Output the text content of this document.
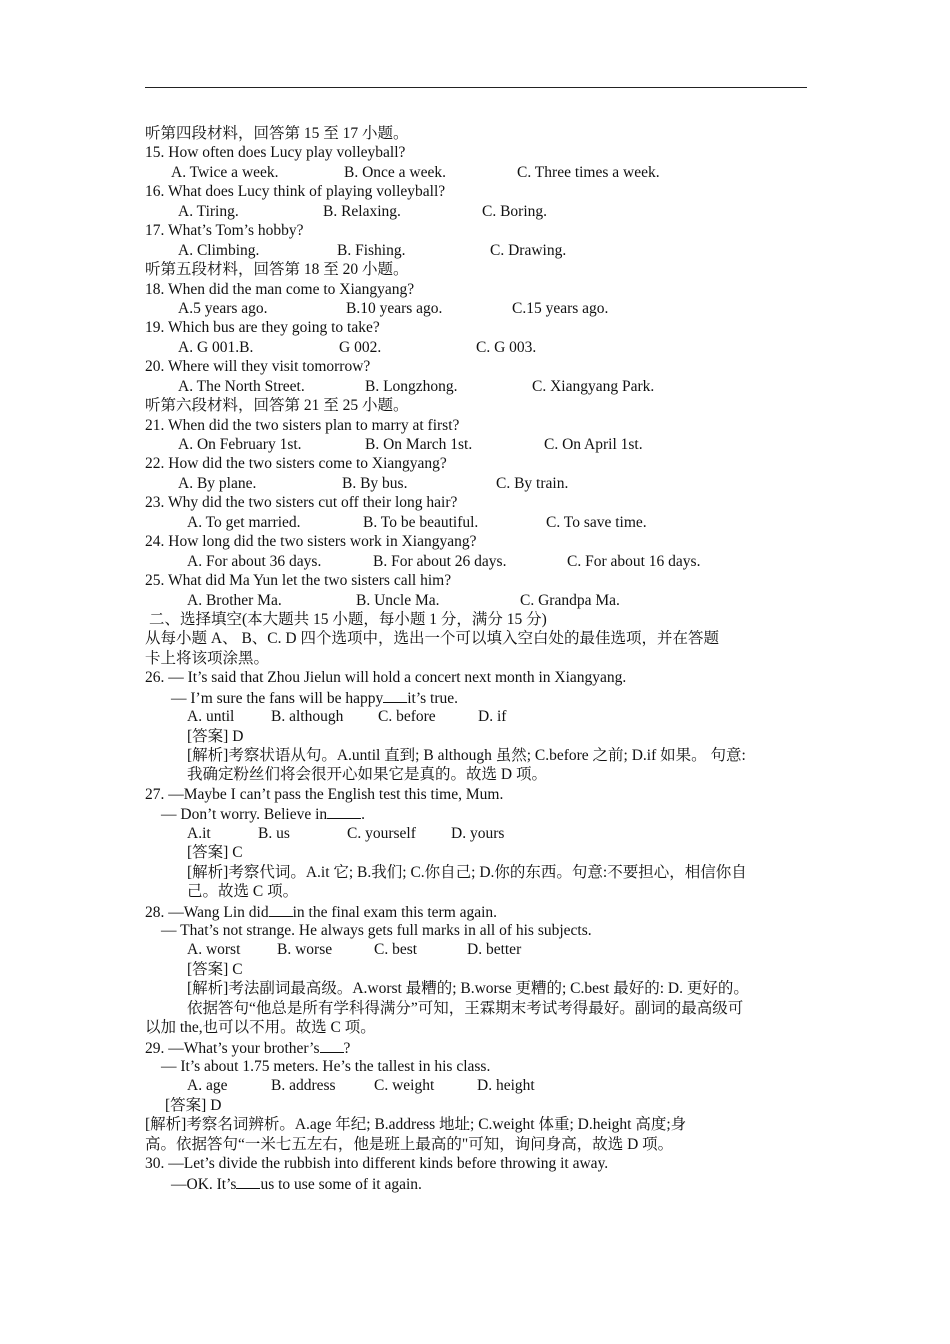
听第四段材料，回答第 15 至 17 小题。
15. How often does Lucy play volleyball?
A. Twice a week.	B. Once a week.	C. Three times a week.
16. What does Lucy think of playing volleyball?
A. Tiring.	B. Relaxing.	C. Boring.
17. What’s Tom’s hobby?
A. Climbing.	B. Fishing.	C. Drawing.
听第五段材料，回答第 18 至 20 小题。
18. When did the man come to Xiangyang?
A.5 years ago.	B.10 years ago.	C.15 years ago.
19. Which bus are they going to take?
A. G 001.B.	G 002.	C. G 003.
20. Where will they visit tomorrow?
A. The North Street.	B. Longzhong.	C. Xiangyang Park.
听第六段材料，回答第 21 至 25 小题。
21. When did the two sisters plan to marry at first?
A. On February 1st.	B. On March 1st.	C. On April 1st.
22. How did the two sisters come to Xiangyang?
A. By plane.	B. By bus.	C. By train.
23. Why did the two sisters cut off their long hair?
A. To get married.	B. To be beautiful.	C. To save time.
24. How long did the two sisters work in Xiangyang?
A. For about 36 days.	B. For about 26 days.	C. For about 16 days.
25. What did Ma Yun let the two sisters call him?
A. Brother Ma.	B. Uncle Ma.	C. Grandpa Ma.
二、选择填空(本大题共 15 小题，每小题 1 分，满分 15 分)
从每小题 A、 B、C. D 四个选项中，选出一个可以填入空白处的最佳选项，并在答题
卡上将该项涂黑。
26. — It’s said that Zhou Jielun will hold a concert next month in Xiangyang.
— I’m sure the fans will be happy it’s true.
A. until B. although C. before	D. if
[答案] D
[解析]考察状语从句。A.until 直到; B although 虽然; C.before 之前; D.if 如果。 句意:
我确定粉丝们将会很开心如果它是真的。故选 D 项。
27. —Maybe I can’t pass the English test this time, Mum.
— Don’t worry. Believe in .
A.it	B. us	C. yourself D. yours
[答案] C
[解析]考察代词。A.it 它; B.我们; C.你自己; D.你的东西。句意:不要担心，相信你自
己。故选 C 项。
28. —Wang Lin did in the final exam this term again.
— That’s not strange. He always gets full marks in all of his subjects.
A. worst B. worse	C. best	D. better
[答案] C
[解析]考法副词最高级。A.worst 最糟的; B.worse 更糟的; C.best 最好的: D. 更好的。
依据答句“他总是所有学科得满分”可知，王霖期末考试考得最好。副词的最高级可
以加 the,也可以不用。故选 C 项。
29. —What’s your brother’s ?
— It’s about 1.75 meters. He’s the tallest in his class.
A. age	B. address C. weight	D. height
[答案] D
[解析]考察名词辨析。A.age 年纪; B.address 地址; C.weight 体重; D.height 高度;身
高。依据答句“一米七五左右，他是班上最高的"可知，询问身高，故选 D 项。
30. —Let’s divide the rubbish into different kinds before throwing it away.
—OK. It’s us to use some of it again.
